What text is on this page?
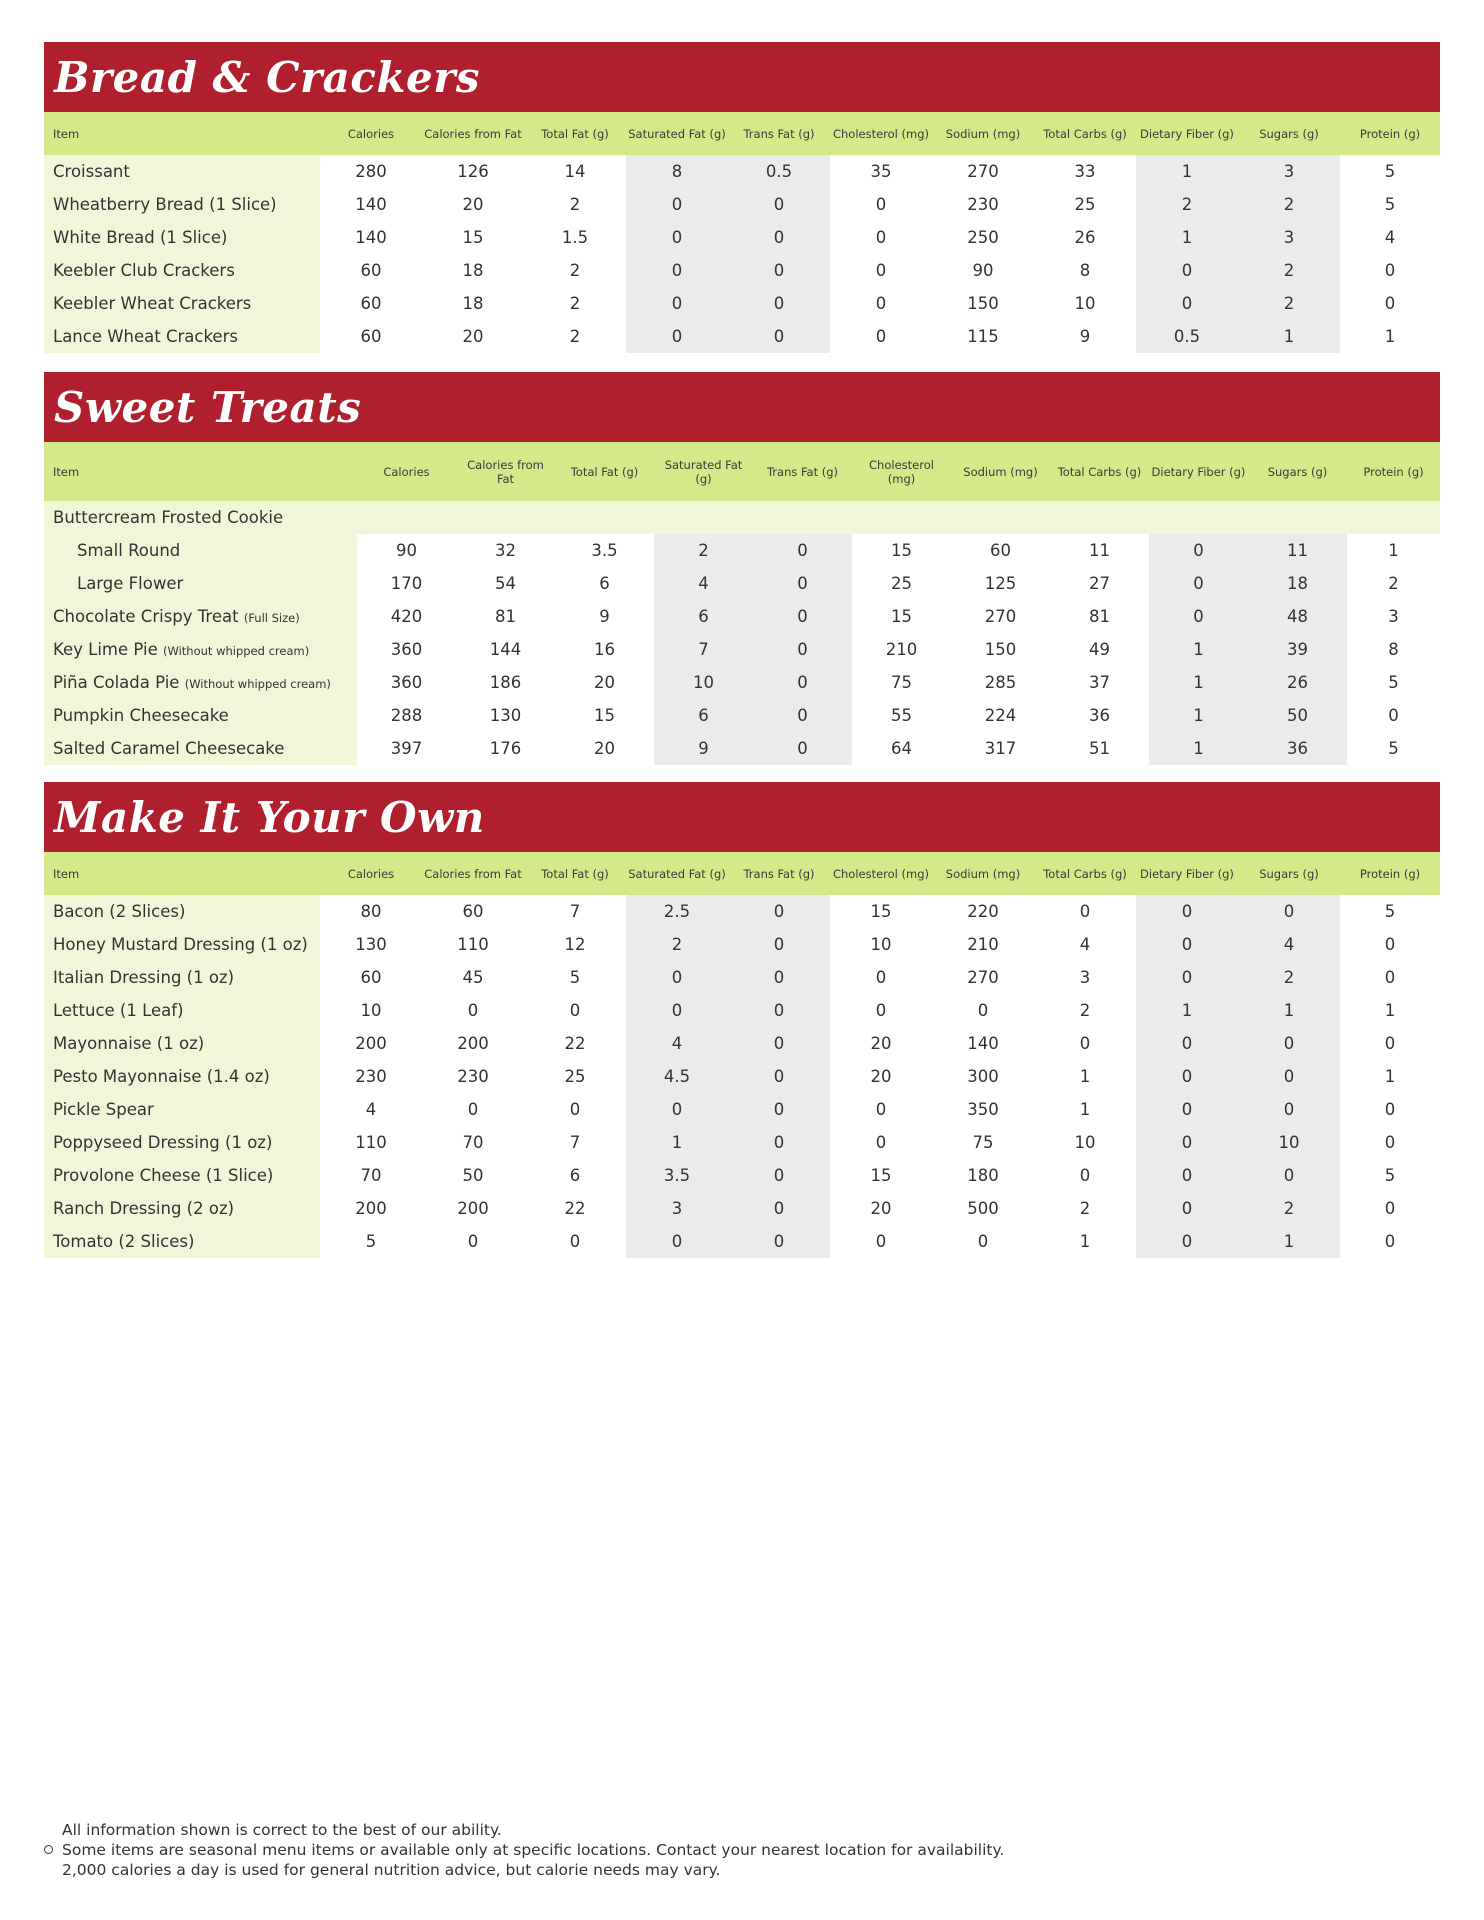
Bread & Crackers
Item	Calories	Calories from Fat	Total Fat (g)	Saturated Fat (g)	Trans Fat (g)	Cholesterol (mg)	Sodium (mg)	Total Carbs (g)	Dietary Fiber (g)	Sugars (g)	Protein (g)
Croissant	280	126	14	8	0.5	35	270	33	1	3	5
Wheatberry Bread (1 Slice)	140	20	2	0	0	0	230	25	2	2	5
White Bread (1 Slice)	140	15	1.5	0	0	0	250	26	1	3	4
Keebler Club Crackers	60	18	2	0	0	0	90	8	0	2	0
Keebler Wheat Crackers	60	18	2	0	0	0	150	10	0	2	0
Lance Wheat Crackers	60	20	2	0	0	0	115	9	0.5	1	1
Sweet Treats
Item	Calories	Calories from Fat	Total Fat (g)	Saturated Fat (g)	Trans Fat (g)	Cholesterol (mg)	Sodium (mg)	Total Carbs (g)	Dietary Fiber (g)	Sugars (g)	Protein (g)
Buttercream Frosted Cookie											
Small Round	90	32	3.5	2	0	15	60	11	0	11	1
Large Flower	170	54	6	4	0	25	125	27	0	18	2
Chocolate Crispy Treat (Full Size)	420	81	9	6	0	15	270	81	0	48	3
Key Lime Pie (Without whipped cream)	360	144	16	7	0	210	150	49	1	39	8
Piña Colada Pie (Without whipped cream)	360	186	20	10	0	75	285	37	1	26	5
Pumpkin Cheesecake	288	130	15	6	0	55	224	36	1	50	0
Salted Caramel Cheesecake	397	176	20	9	0	64	317	51	1	36	5
Make It Your Own
Item	Calories	Calories from Fat	Total Fat (g)	Saturated Fat (g)	Trans Fat (g)	Cholesterol (mg)	Sodium (mg)	Total Carbs (g)	Dietary Fiber (g)	Sugars (g)	Protein (g)
Bacon (2 Slices)	80	60	7	2.5	0	15	220	0	0	0	5
Honey Mustard Dressing (1 oz)	130	110	12	2	0	10	210	4	0	4	0
Italian Dressing (1 oz)	60	45	5	0	0	0	270	3	0	2	0
Lettuce (1 Leaf)	10	0	0	0	0	0	0	2	1	1	1
Mayonnaise (1 oz)	200	200	22	4	0	20	140	0	0	0	0
Pesto Mayonnaise (1.4 oz)	230	230	25	4.5	0	20	300	1	0	0	1
Pickle Spear	4	0	0	0	0	0	350	1	0	0	0
Poppyseed Dressing (1 oz)	110	70	7	1	0	0	75	10	0	10	0
Provolone Cheese (1 Slice)	70	50	6	3.5	0	15	180	0	0	0	5
Ranch Dressing (2 oz)	200	200	22	3	0	20	500	2	0	2	0
Tomato (2 Slices)	5	0	0	0	0	0	0	1	0	1	0
All information shown is correct to the best of our ability.
Some items are seasonal menu items or available only at specific locations. Contact your nearest location for availability.
2,000 calories a day is used for general nutrition advice, but calorie needs may vary.
